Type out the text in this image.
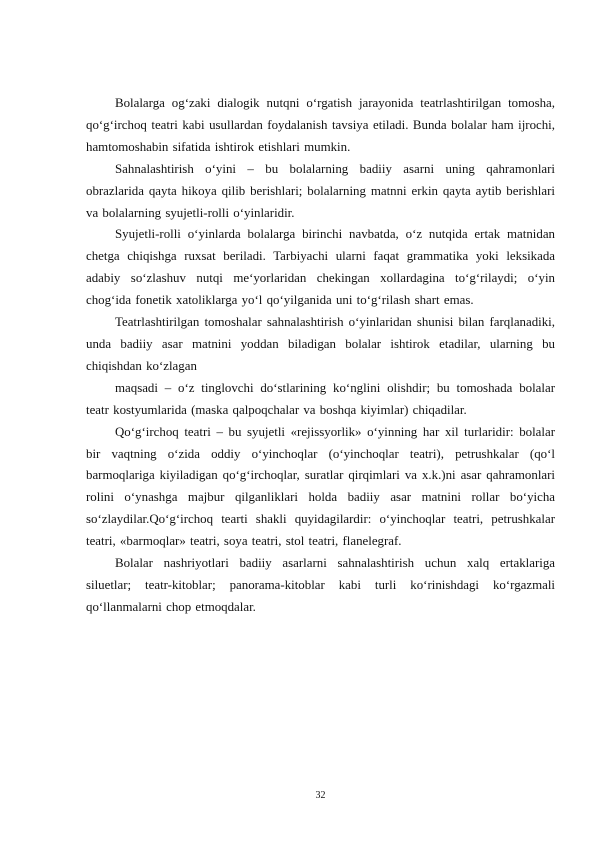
Bolalarga og‘zaki dialogik nutqni o‘rgatish jarayonida teatrlashtirilgan tomosha, qo‘g‘irchoq teatri kabi usullardan foydalanish tavsiya etiladi. Bunda bolalar ham ijrochi, hamtomoshabin sifatida ishtirok etishlari mumkin.

Sahnalashtirish o‘yini – bu bolalarning badiiy asarni uning qahramonlari obrazlarida qayta hikoya qilib berishlari; bolalarning matnni erkin qayta aytib berishlari va bolalarning syujetli-rolli o‘yinlaridir.

Syujetli-rolli o‘yinlarda bolalarga birinchi navbatda, o‘z nutqida ertak matnidan chetga chiqishga ruxsat beriladi. Tarbiyachi ularni faqat grammatika yoki leksikada adabiy so‘zlashuv nutqi me‘yorlaridan chekingan xollardagina to‘g‘rilaydi; o‘yin chog‘ida fonetik xatoliklarga yo‘l qo‘yilganida uni to‘g‘rilash shart emas.

Teatrlashtirilgan tomoshalar sahnalashtirish o‘yinlaridan shunisi bilan farqlanadiki, unda badiiy asar matnini yoddan biladigan bolalar ishtirok etadilar, ularning bu chiqishdan ko‘zlagan

maqsadi – o‘z tinglovchi do‘stlarining ko‘nglini olishdir; bu tomoshada bolalar teatr kostyumlarida (maska qalpoqchalar va boshqa kiyimlar) chiqadilar.

Qo‘g‘irchoq teatri – bu syujetli «rejissyorlik» o‘yinning har xil turlaridir: bolalar bir vaqtning o‘zida oddiy o‘yinchoqlar (o‘yinchoqlar teatri), petrushkalar (qo‘l barmoqlariga kiyiladigan qo‘g‘irchoqlar, suratlar qirqimlari va x.k.)ni asar qahramonlari rolini o‘ynashga majbur qilganliklari holda badiiy asar matnini rollar bo‘yicha so‘zlaydilar.Qo‘g‘irchoq tearti shakli quyidagilardir: o‘yinchoqlar teatri, petrushkalar teatri, «barmoqlar» teatri, soya teatri, stol teatri, flanelegraf.

Bolalar nashriyotlari badiiy asarlarni sahnalashtirish uchun xalq ertaklariga siluetlar; teatr-kitoblar; panorama-kitoblar kabi turli ko‘rinishdagi ko‘rgazmali qo‘llanmalarni chop etmoqdalar.

32
